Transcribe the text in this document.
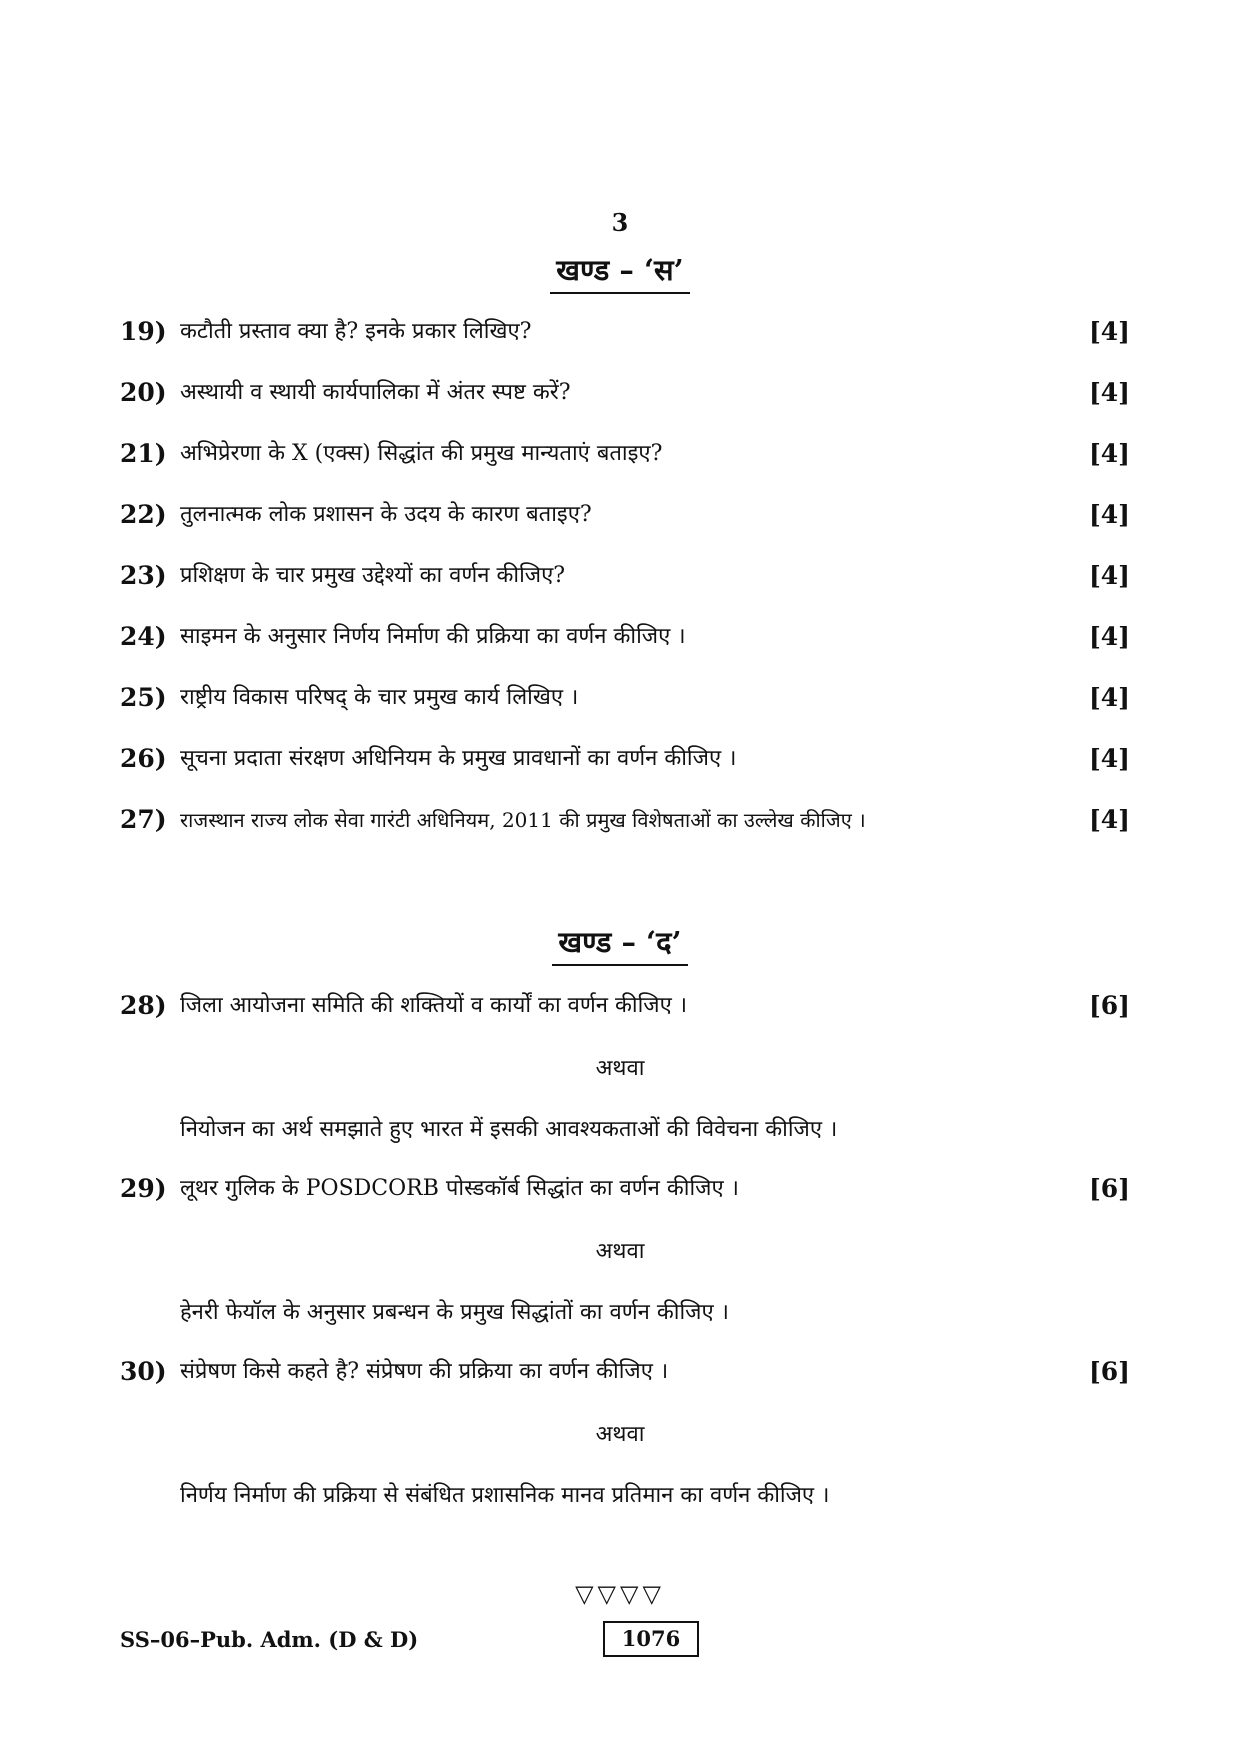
3
खण्ड – ‘स’
19) कटौती प्रस्ताव क्या है? इनके प्रकार लिखिए?	[4]
20) अस्थायी व स्थायी कार्यपालिका में अंतर स्पष्ट करें?	[4]
21) अभिप्रेरणा के X (एक्स) सिद्धांत की प्रमुख मान्यताएं बताइए?	[4]
22) तुलनात्मक लोक प्रशासन के उदय के कारण बताइए?	[4]
23) प्रशिक्षण के चार प्रमुख उद्देश्यों का वर्णन कीजिए?	[4]
24) साइमन के अनुसार निर्णय निर्माण की प्रक्रिया का वर्णन कीजिए ।	[4]
25) राष्ट्रीय विकास परिषद् के चार प्रमुख कार्य लिखिए ।	[4]
26) सूचना प्रदाता संरक्षण अधिनियम के प्रमुख प्रावधानों का वर्णन कीजिए ।	[4]
27) राजस्थान राज्य लोक सेवा गारंटी अधिनियम, 2011 की प्रमुख विशेषताओं का उल्लेख कीजिए ।	[4]
खण्ड – ‘द’
28) जिला आयोजना समिति की शक्तियों व कार्यों का वर्णन कीजिए ।	[6]
अथवा
नियोजन का अर्थ समझाते हुए भारत में इसकी आवश्यकताओं की विवेचना कीजिए ।
29) लूथर गुलिक के POSDCORB पोस्डकॉर्ब सिद्धांत का वर्णन कीजिए ।	[6]
अथवा
हेनरी फेयॉल के अनुसार प्रबन्धन के प्रमुख सिद्धांतों का वर्णन कीजिए ।
30) संप्रेषण किसे कहते है? संप्रेषण की प्रक्रिया का वर्णन कीजिए ।	[6]
अथवा
निर्णय निर्माण की प्रक्रिया से संबंधित प्रशासनिक मानव प्रतिमान का वर्णन कीजिए ।
▽▽▽▽
SS–06–Pub. Adm. (D & D)	1076
